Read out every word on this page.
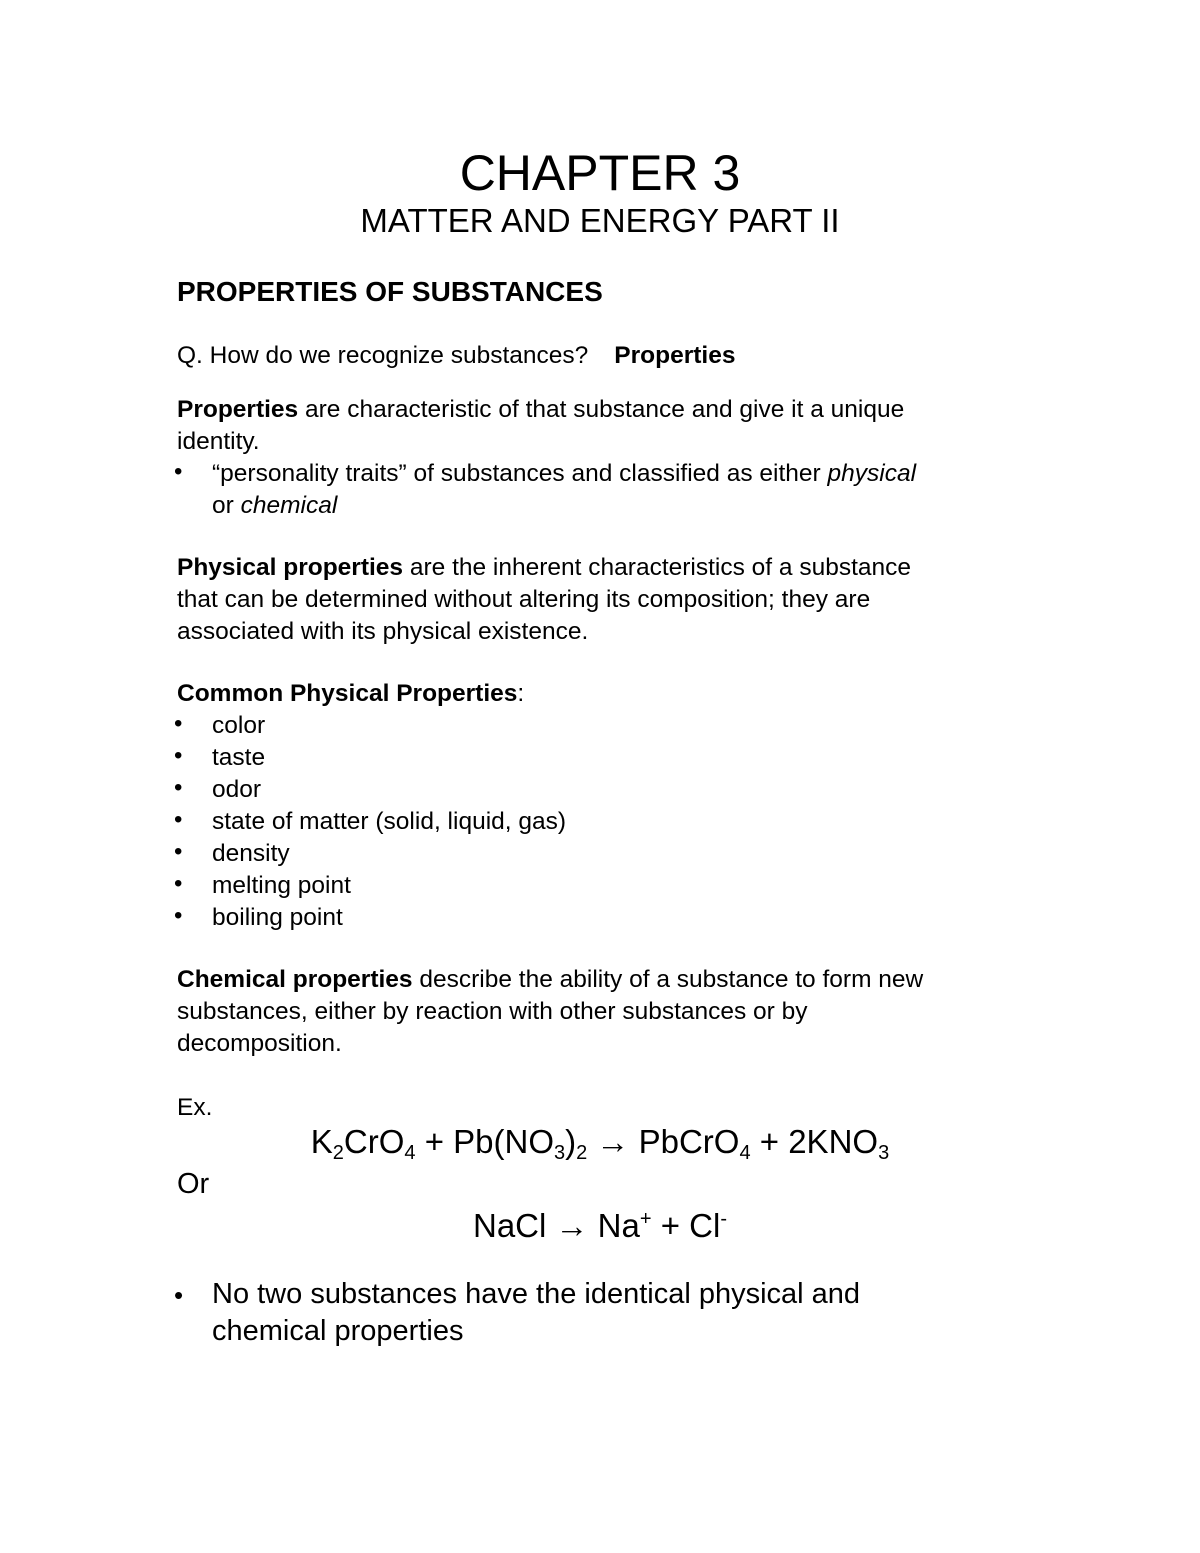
CHAPTER 3
MATTER AND ENERGY PART II
PROPERTIES OF SUBSTANCES
Q. How do we recognize substances? Properties
Properties are characteristic of that substance and give it a unique
identity.
• “personality traits” of substances and classified as either physical
or chemical
Physical properties are the inherent characteristics of a substance
that can be determined without altering its composition; they are
associated with its physical existence.
Common Physical Properties:
• color
• taste
• odor
• state of matter (solid, liquid, gas)
• density
• melting point
• boiling point
Chemical properties describe the ability of a substance to form new
substances, either by reaction with other substances or by
decomposition.
Ex.
$K_2CrO_4 + Pb(NO_3)_2$ → PbCrO$_4$ + $2KNO_3$
Or
NaCl → Na+ + Cl-
• No two substances have the identical physical and
chemical properties
